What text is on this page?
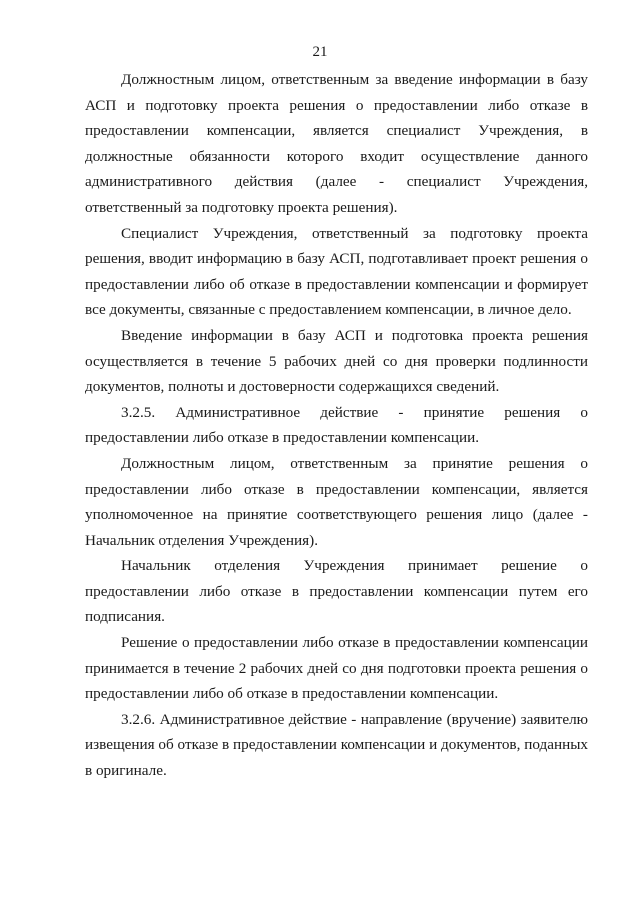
21

Должностным лицом, ответственным за введение информации в базу АСП и подготовку проекта решения о предоставлении либо отказе в предоставлении компенсации, является специалист Учреждения, в должностные обязанности которого входит осуществление данного административного действия (далее - специалист Учреждения, ответственный за подготовку проекта решения).

Специалист Учреждения, ответственный за подготовку проекта решения, вводит информацию в базу АСП, подготавливает проект решения о предоставлении либо об отказе в предоставлении компенсации и формирует все документы, связанные с предоставлением компенсации, в личное дело.

Введение информации в базу АСП и подготовка проекта решения осуществляется в течение 5 рабочих дней со дня проверки подлинности документов, полноты и достоверности содержащихся сведений.

3.2.5. Административное действие - принятие решения о предоставлении либо отказе в предоставлении компенсации.

Должностным лицом, ответственным за принятие решения о предоставлении либо отказе в предоставлении компенсации, является уполномоченное на принятие соответствующего решения лицо (далее - Начальник отделения Учреждения).

Начальник отделения Учреждения принимает решение о предоставлении либо отказе в предоставлении компенсации путем его подписания.

Решение о предоставлении либо отказе в предоставлении компенсации принимается в течение 2 рабочих дней со дня подготовки проекта решения о предоставлении либо об отказе в предоставлении компенсации.

3.2.6. Административное действие - направление (вручение) заявителю извещения об отказе в предоставлении компенсации и документов, поданных в оригинале.
